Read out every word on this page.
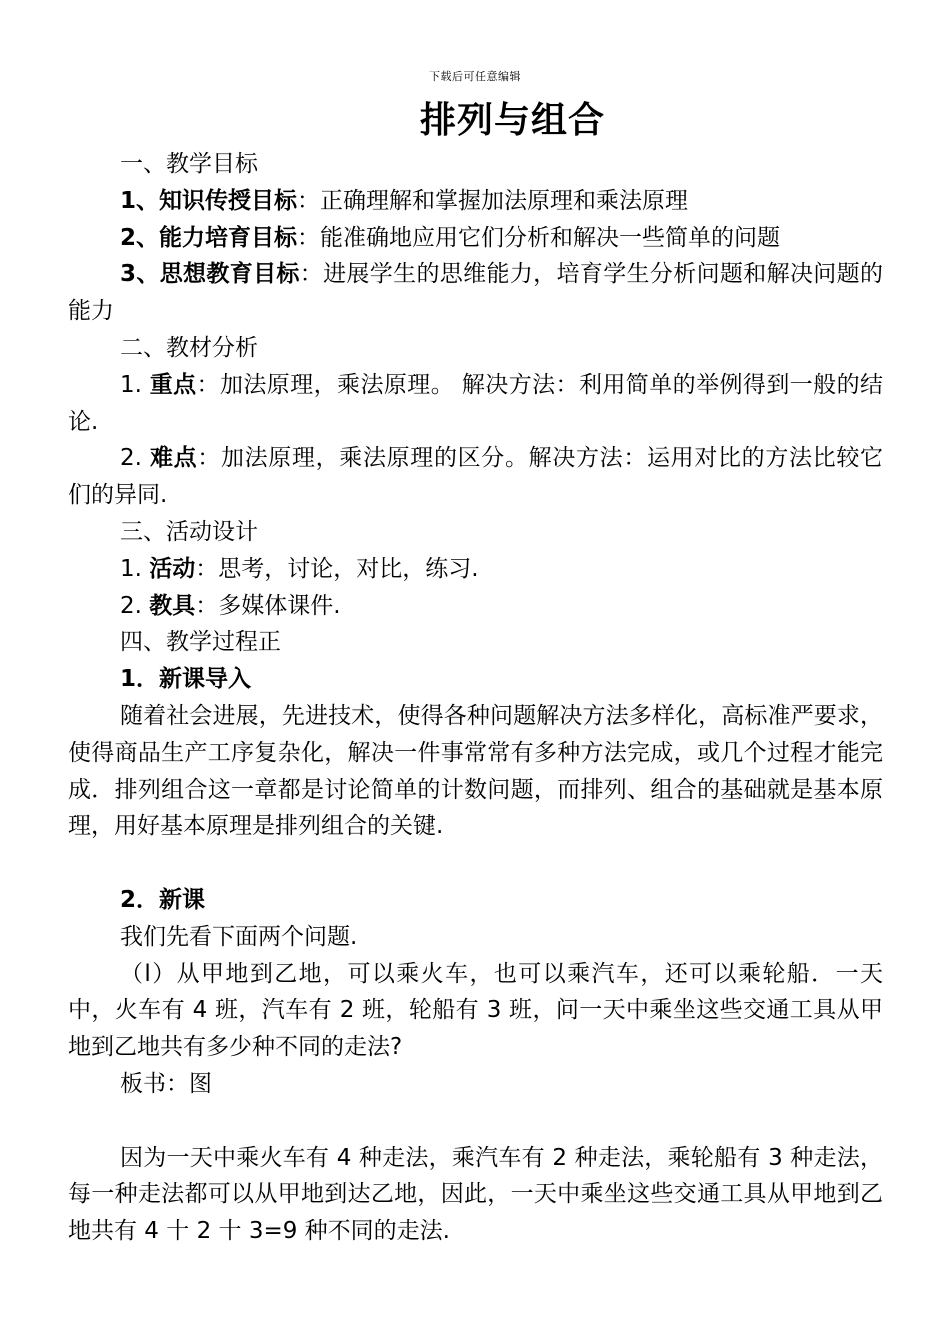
下载后可任意编辑
排列与组合

一、教学目标

1、知识传授目标：正确理解和掌握加法原理和乘法原理

2、能力培育目标：能准确地应用它们分析和解决一些简单的问题

3、思想教育目标：进展学生的思维能力，培育学生分析问题和解决问题的能力

二、教材分析

1. 重点：加法原理，乘法原理。 解决方法：利用简单的举例得到一般的结论.

2. 难点：加法原理，乘法原理的区分。解决方法：运用对比的方法比较它们的异同.

三、活动设计

1. 活动：思考，讨论，对比，练习.

2. 教具：多媒体课件.

四、教学过程正

1．新课导入

随着社会进展，先进技术，使得各种问题解决方法多样化，高标准严要求，使得商品生产工序复杂化，解决一件事常常有多种方法完成，或几个过程才能完成．排列组合这一章都是讨论简单的计数问题，而排列、组合的基础就是基本原理，用好基本原理是排列组合的关键.

2．新课

我们先看下面两个问题.

（l）从甲地到乙地，可以乘火车，也可以乘汽车，还可以乘轮船．一天中，火车有 4 班，汽车有 2 班，轮船有 3 班，问一天中乘坐这些交通工具从甲地到乙地共有多少种不同的走法?

板书：图

因为一天中乘火车有 4 种走法，乘汽车有 2 种走法，乘轮船有 3 种走法，每一种走法都可以从甲地到达乙地，因此，一天中乘坐这些交通工具从甲地到乙地共有 4 十 2 十 3=9 种不同的走法.
